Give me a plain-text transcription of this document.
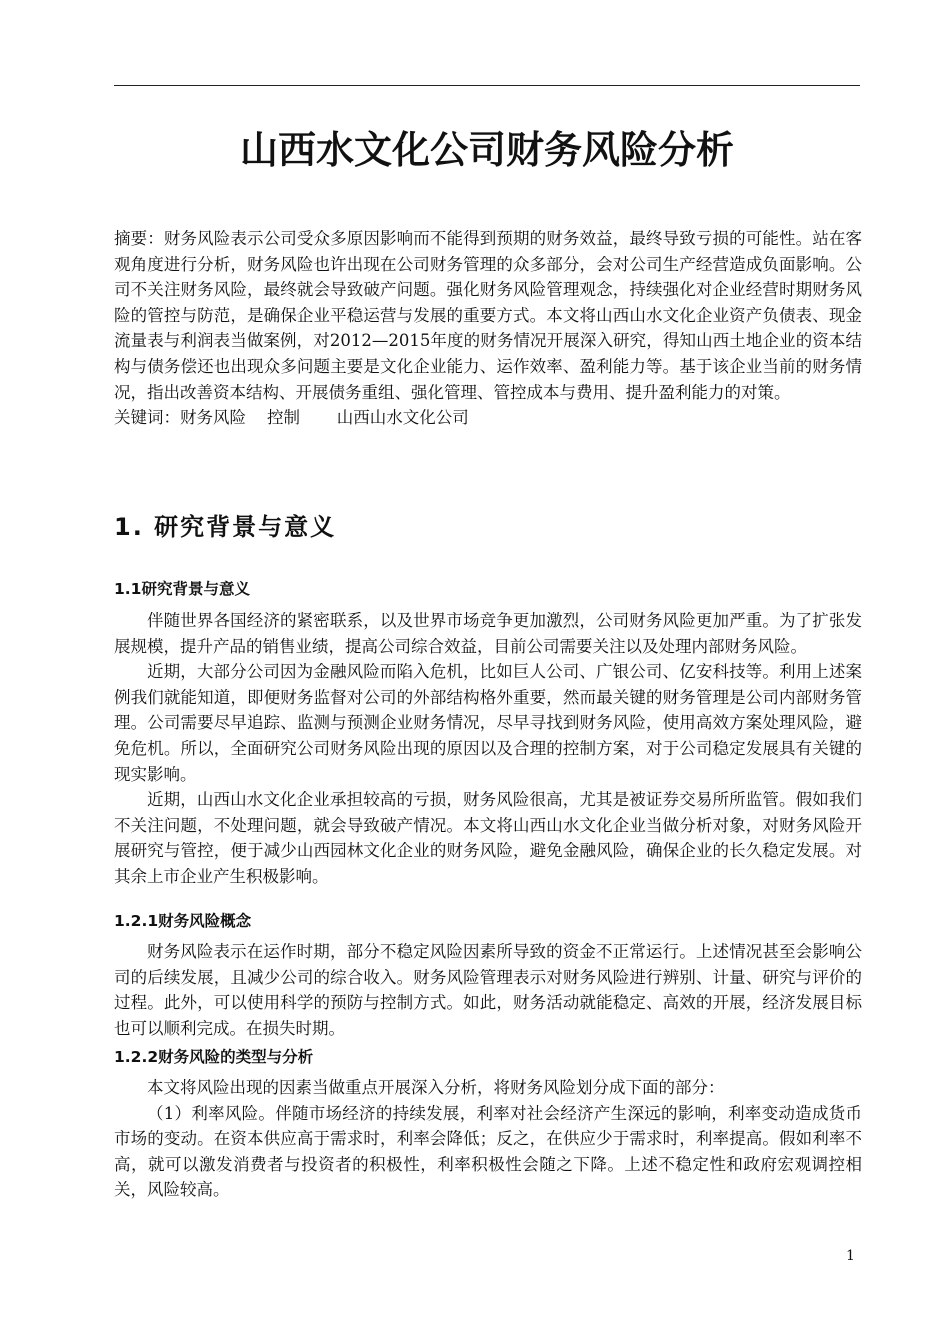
山西水文化公司财务风险分析

摘要：财务风险表示公司受众多原因影响而不能得到预期的财务效益，最终导致亏损的可能性。站在客观角度进行分析，财务风险也许出现在公司财务管理的众多部分，会对公司生产经营造成负面影响。公司不关注财务风险，最终就会导致破产问题。强化财务风险管理观念，持续强化对企业经营时期财务风险的管控与防范，是确保企业平稳运营与发展的重要方式。本文将山西山水文化企业资产负债表、现金流量表与利润表当做案例，对2012—2015年度的财务情况开展深入研究，得知山西土地企业的资本结构与债务偿还也出现众多问题主要是文化企业能力、运作效率、盈利能力等。基于该企业当前的财务情况，指出改善资本结构、开展债务重组、强化管理、管控成本与费用、提升盈利能力的对策。

关键词：财务风险 控制 山西山水文化公司

1. 研究背景与意义
1.1研究背景与意义

伴随世界各国经济的紧密联系，以及世界市场竞争更加激烈，公司财务风险更加严重。为了扩张发展规模，提升产品的销售业绩，提高公司综合效益，目前公司需要关注以及处理内部财务风险。

近期，大部分公司因为金融风险而陷入危机，比如巨人公司、广银公司、亿安科技等。利用上述案例我们就能知道，即便财务监督对公司的外部结构格外重要，然而最关键的财务管理是公司内部财务管理。公司需要尽早追踪、监测与预测企业财务情况，尽早寻找到财务风险，使用高效方案处理风险，避免危机。所以，全面研究公司财务风险出现的原因以及合理的控制方案，对于公司稳定发展具有关键的现实影响。

近期，山西山水文化企业承担较高的亏损，财务风险很高，尤其是被证券交易所所监管。假如我们不关注问题，不处理问题，就会导致破产情况。本文将山西山水文化企业当做分析对象，对财务风险开展研究与管控，便于减少山西园林文化企业的财务风险，避免金融风险，确保企业的长久稳定发展。对其余上市企业产生积极影响。

1.2.1财务风险概念

财务风险表示在运作时期，部分不稳定风险因素所导致的资金不正常运行。上述情况甚至会影响公司的后续发展，且减少公司的综合收入。财务风险管理表示对财务风险进行辨别、计量、研究与评价的过程。此外，可以使用科学的预防与控制方式。如此，财务活动就能稳定、高效的开展，经济发展目标也可以顺利完成。在损失时期。

1.2.2财务风险的类型与分析

本文将风险出现的因素当做重点开展深入分析，将财务风险划分成下面的部分：

（1）利率风险。伴随市场经济的持续发展，利率对社会经济产生深远的影响，利率变动造成货币市场的变动。在资本供应高于需求时，利率会降低；反之，在供应少于需求时，利率提高。假如利率不高，就可以激发消费者与投资者的积极性，利率积极性会随之下降。上述不稳定性和政府宏观调控相关，风险较高。

1
